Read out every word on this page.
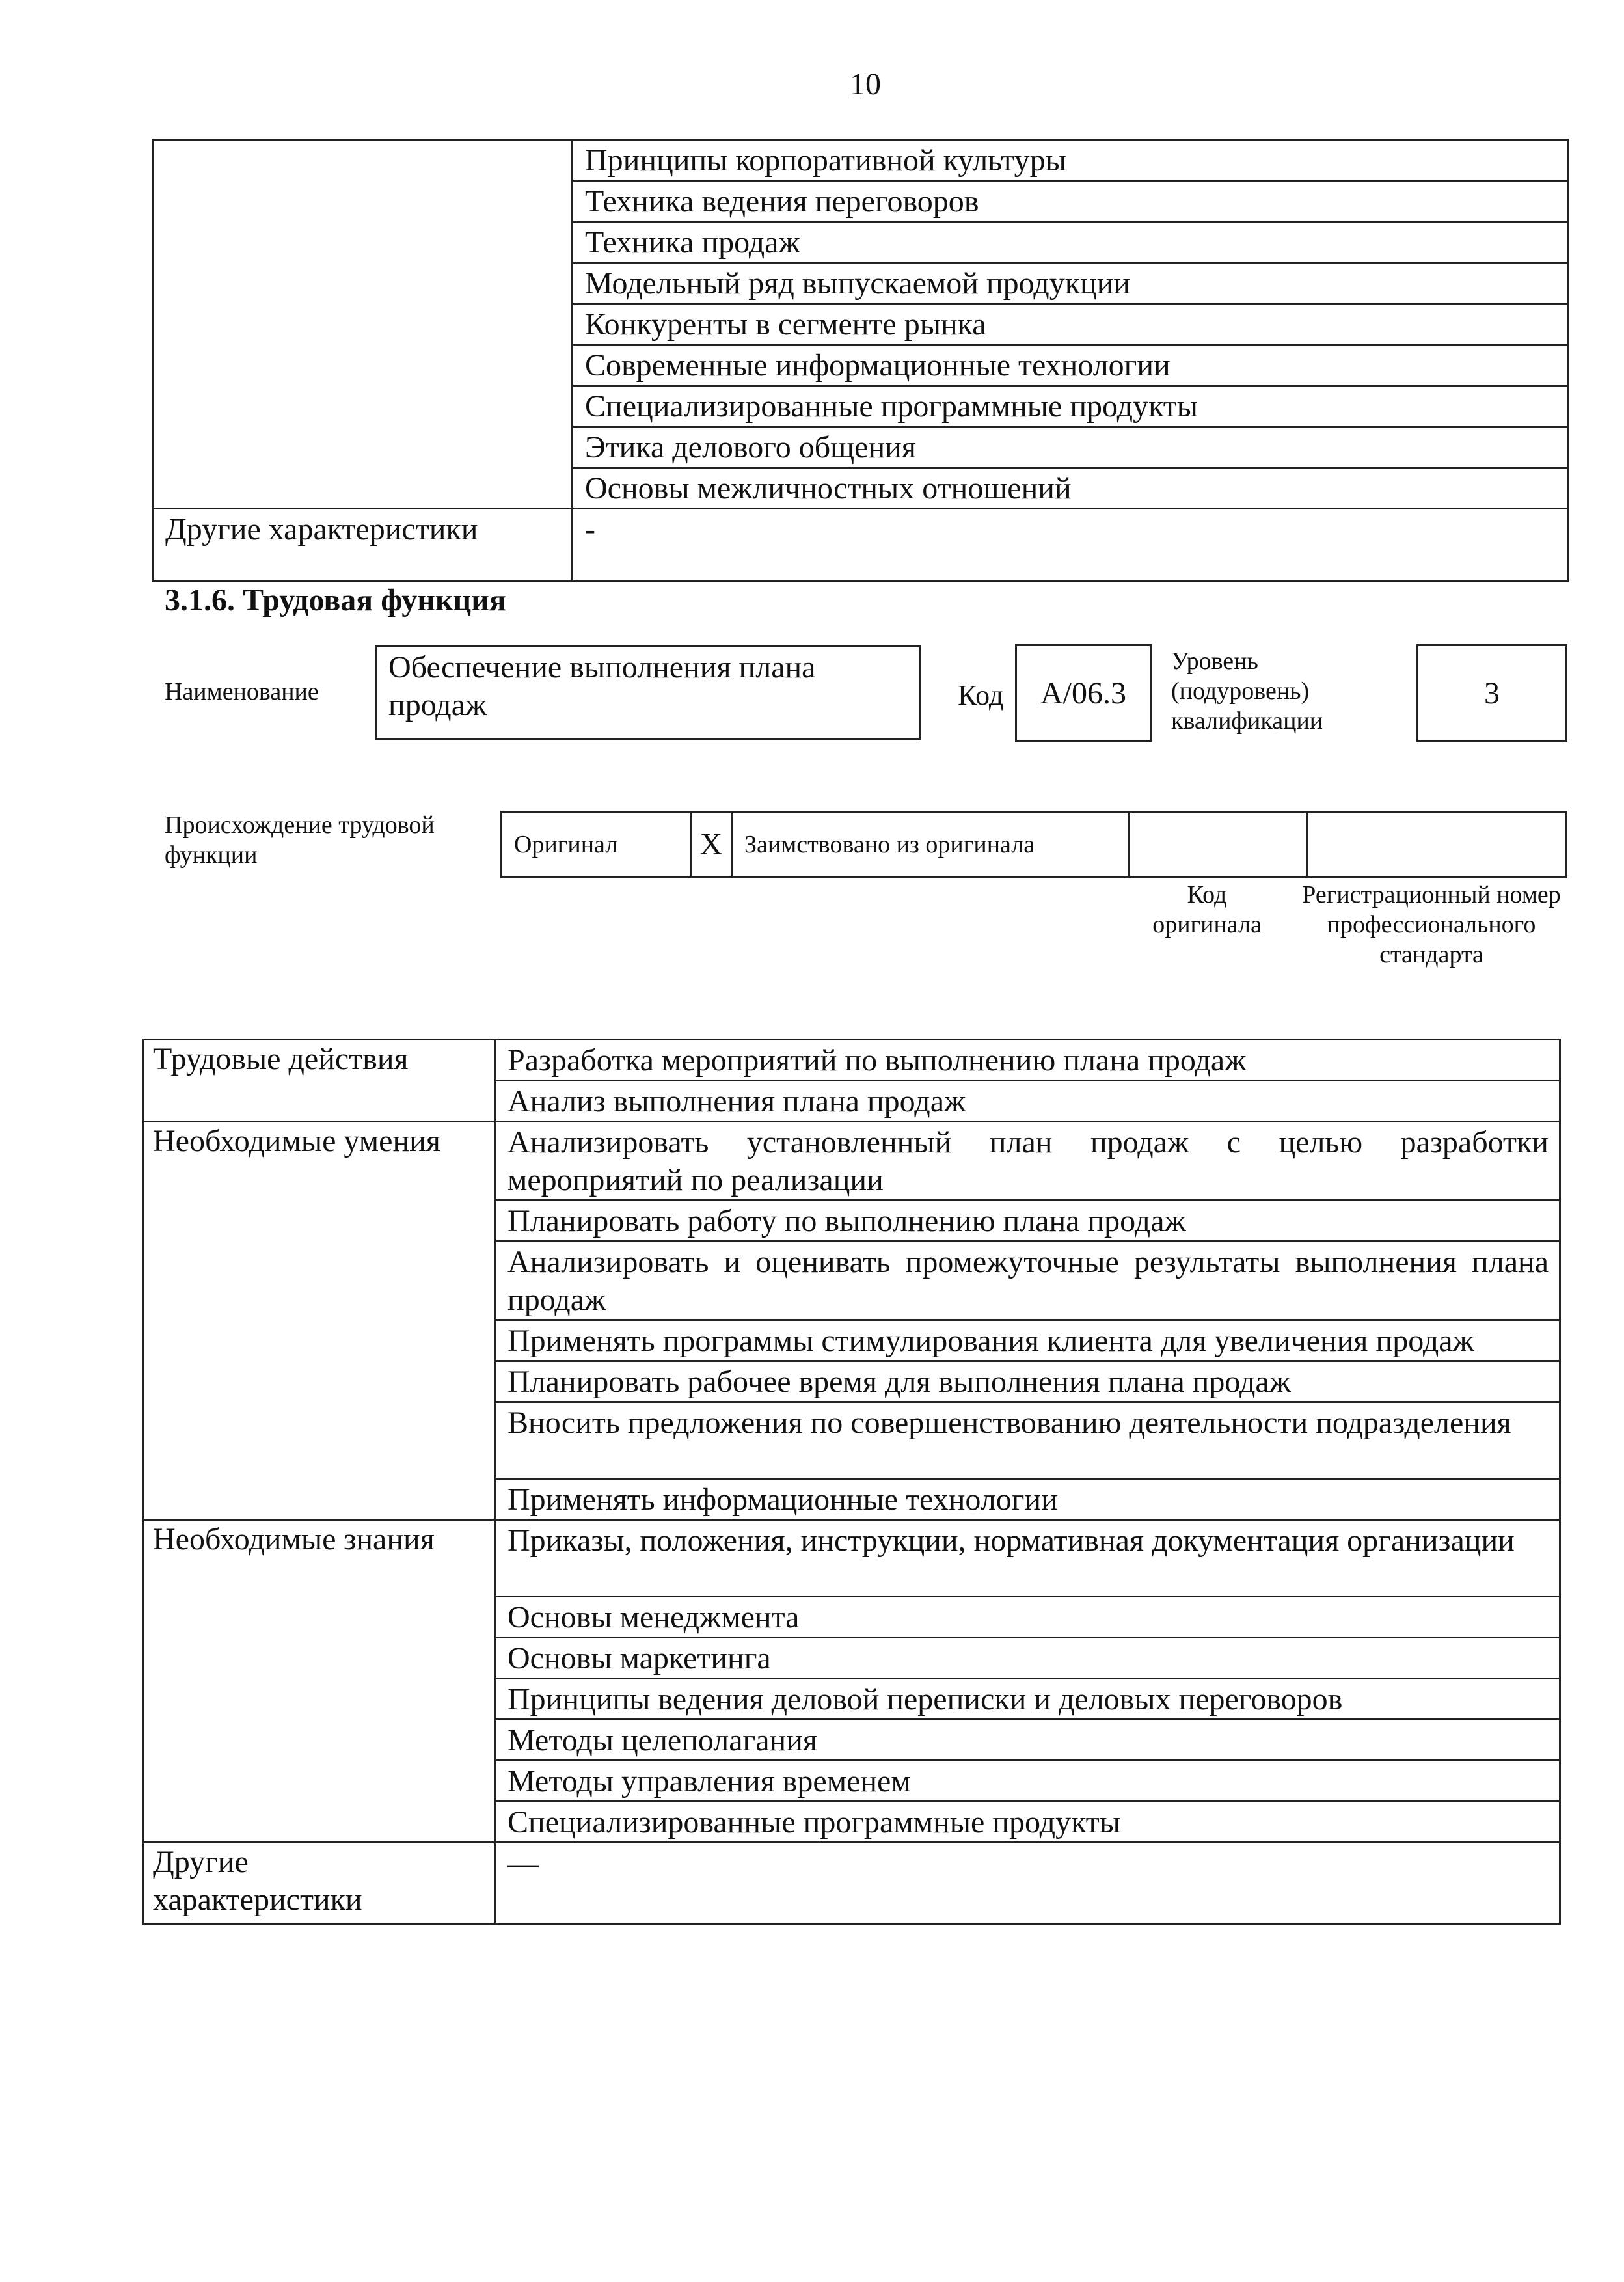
10

	Принципы корпоративной культуры

	Техника ведения переговоров

	Техника продаж

	Модельный ряд выпускаемой продукции

	Конкуренты в сегменте рынка

	Современные информационные технологии

	Специализированные программные продукты

	Этика делового общения

	Основы межличностных отношений

Другие характеристики	-
3.1.6. Трудовая функция
Наименование
Обеспечение выполнения плана продаж	Код A/06.3
Уровень (подуровень) квалификации
3
Происхождение трудовой функции	Оригинал	X	Заимствовано из оригинала		
Код оригинала
Регистрационный номер профессионального стандарта
Трудовые действия	Разработка мероприятий по выполнению плана продаж

	Анализ выполнения плана продаж

Необходимые умения	Анализировать установленный план продаж с целью разработки мероприятий по реализации

	Планировать работу по выполнению плана продаж

	Анализировать и оценивать промежуточные результаты выполнения плана продаж

	Применять программы стимулирования клиента для увеличения продаж

	Планировать рабочее время для выполнения плана продаж

	Вносить предложения по совершенствованию деятельности подразделения

	Применять информационные технологии

Необходимые знания	Приказы, положения, инструкции, нормативная документация организации

	Основы менеджмента

	Основы маркетинга

	Принципы ведения деловой переписки и деловых переговоров

	Методы целеполагания

	Методы управления временем

	Специализированные программные продукты

Другие характеристики	—
